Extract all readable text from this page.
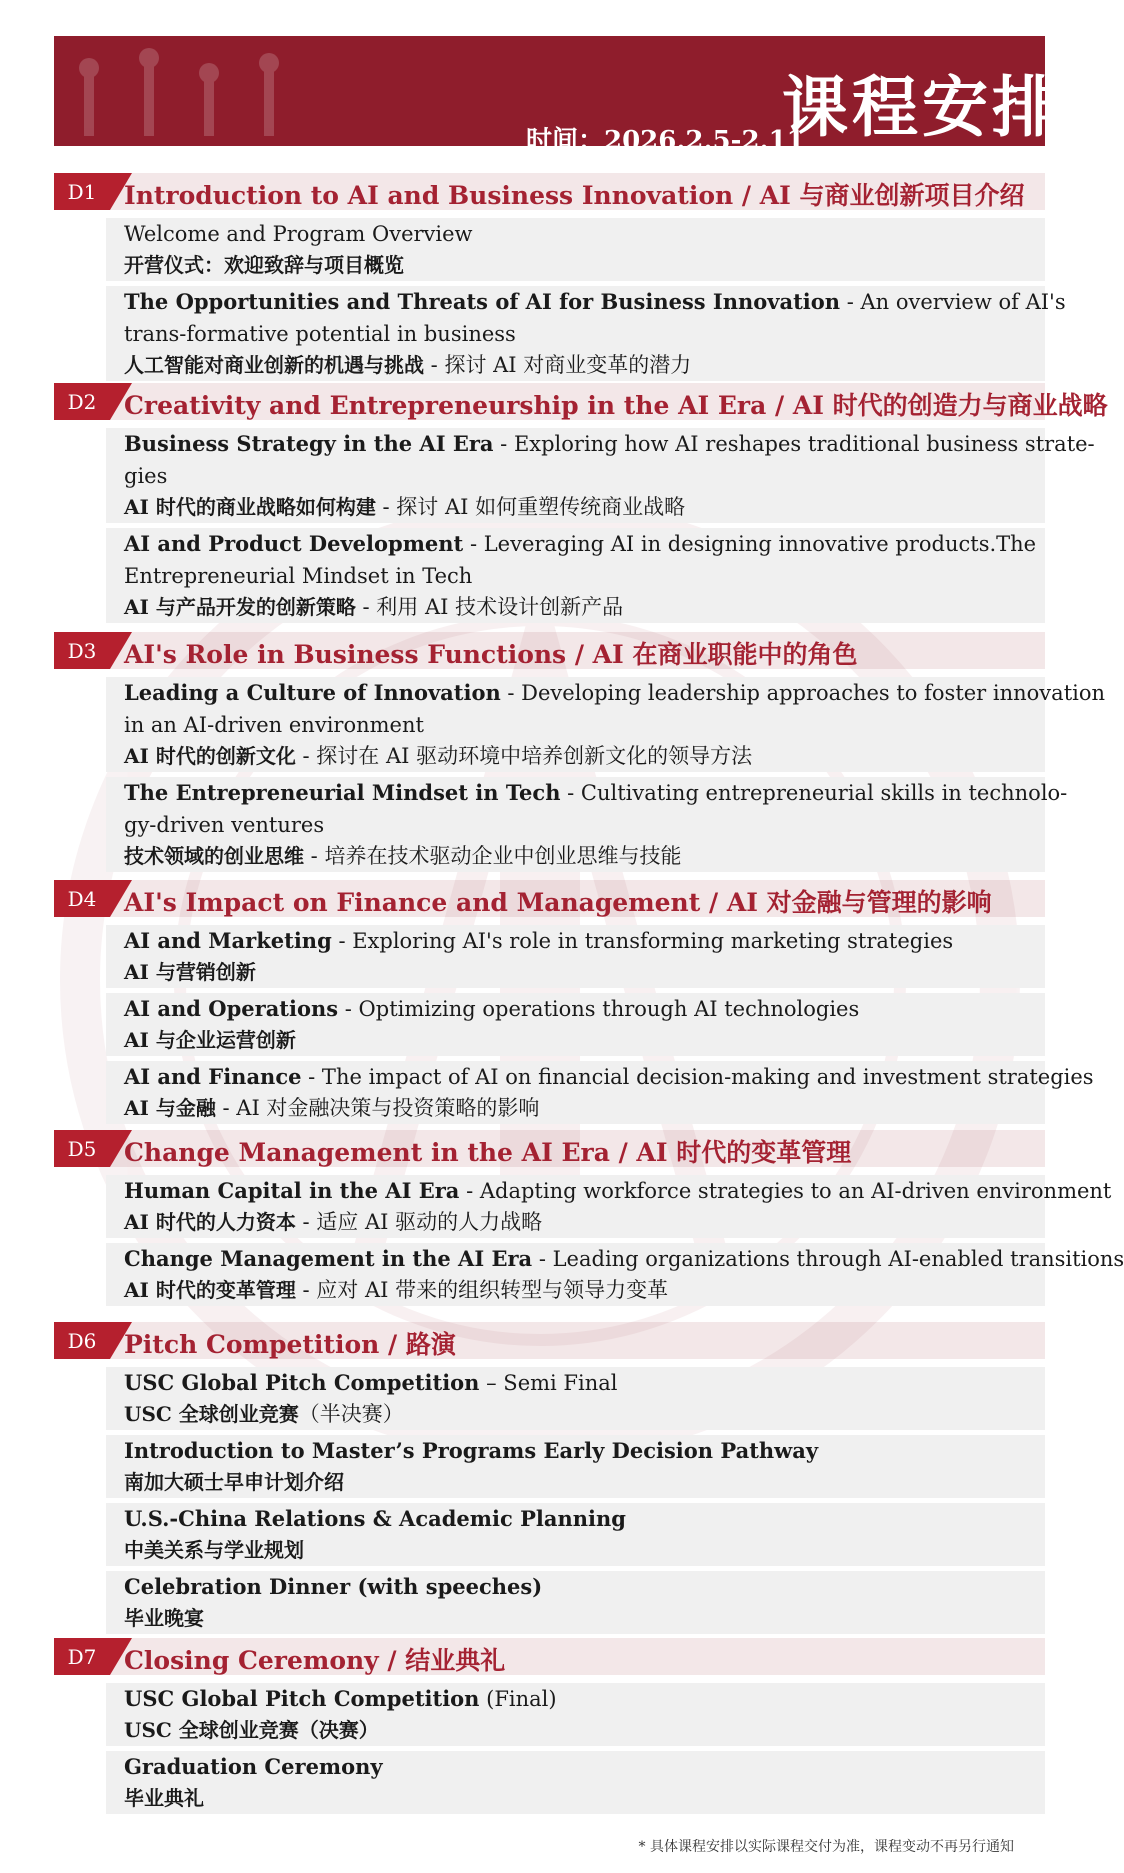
时间：2026.2.5-2.11
课程安排
D1	Introduction to AI and Business Innovation / AI 与商业创新项目介绍
Welcome and Program Overview
开营仪式：欢迎致辞与项目概览
The Opportunities and Threats of AI for Business Innovation - An overview of AI's
trans-formative potential in business
人工智能对商业创新的机遇与挑战 - 探讨 AI 对商业变革的潜力
D2	Creativity and Entrepreneurship in the AI Era / AI 时代的创造力与商业战略
Business Strategy in the AI Era - Exploring how AI reshapes traditional business strate-
gies
AI 时代的商业战略如何构建 - 探讨 AI 如何重塑传统商业战略
AI and Product Development - Leveraging AI in designing innovative products.The
Entrepreneurial Mindset in Tech
AI 与产品开发的创新策略 - 利用 AI 技术设计创新产品
D3	AI's Role in Business Functions / AI 在商业职能中的角色
Leading a Culture of Innovation - Developing leadership approaches to foster innovation
in an AI-driven environment
AI 时代的创新文化 - 探讨在 AI 驱动环境中培养创新文化的领导方法
The Entrepreneurial Mindset in Tech - Cultivating entrepreneurial skills in technolo-
gy-driven ventures
技术领域的创业思维 - 培养在技术驱动企业中创业思维与技能
D4	AI's Impact on Finance and Management / AI 对金融与管理的影响
AI and Marketing - Exploring AI's role in transforming marketing strategies
AI 与营销创新
AI and Operations - Optimizing operations through AI technologies
AI 与企业运营创新
AI and Finance - The impact of AI on financial decision-making and investment strategies
AI 与金融 - AI 对金融决策与投资策略的影响
D5	Change Management in the AI Era / AI 时代的变革管理
Human Capital in the AI Era - Adapting workforce strategies to an AI-driven environment
AI 时代的人力资本 - 适应 AI 驱动的人力战略
Change Management in the AI Era - Leading organizations through AI-enabled transitions
AI 时代的变革管理 - 应对 AI 带来的组织转型与领导力变革
D6	Pitch Competition / 路演
USC Global Pitch Competition – Semi Final
USC 全球创业竞赛（半决赛）
Introduction to Master’s Programs Early Decision Pathway
南加大硕士早申计划介绍
U.S.-China Relations & Academic Planning
中美关系与学业规划
Celebration Dinner (with speeches)
毕业晚宴
D7	Closing Ceremony / 结业典礼
USC Global Pitch Competition (Final)
USC 全球创业竞赛（决赛）
Graduation Ceremony
毕业典礼
* 具体课程安排以实际课程交付为准，课程变动不再另行通知
